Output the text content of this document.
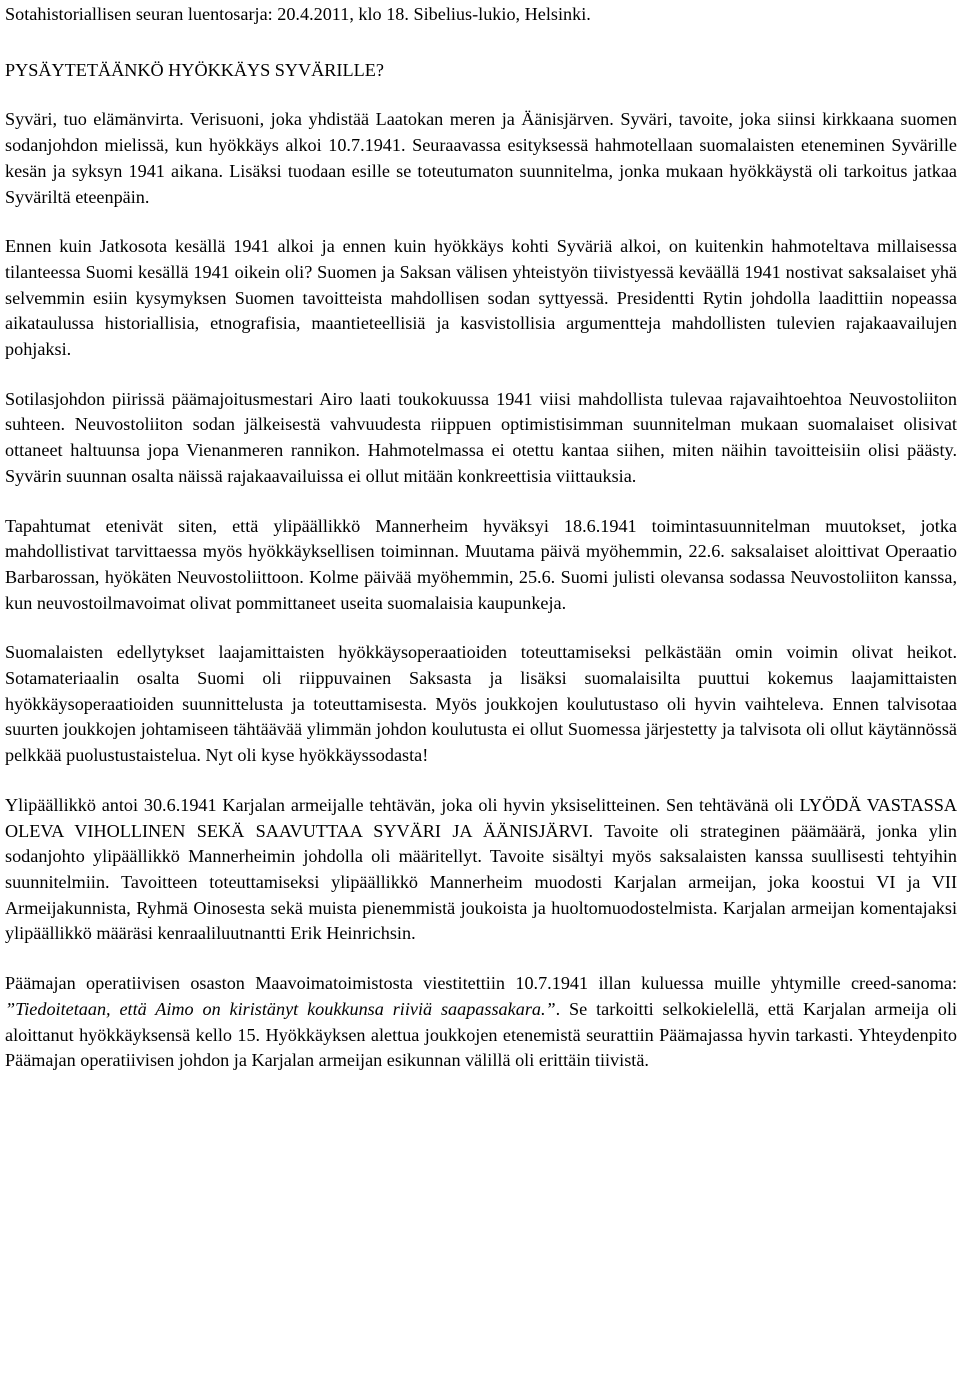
Sotahistoriallisen seuran luentosarja: 20.4.2011, klo 18. Sibelius-lukio, Helsinki.
PYSÄYTETÄÄNKÖ HYÖKKÄYS SYVÄRILLE?

Syväri, tuo elämänvirta. Verisuoni, joka yhdistää Laatokan meren ja Äänisjärven. Syväri, tavoite, joka siinsi kirkkaana suomen sodanjohdon mielissä, kun hyökkäys alkoi 10.7.1941. Seuraavassa esityksessä hahmotellaan suomalaisten eteneminen Syvärille kesän ja syksyn 1941 aikana. Lisäksi tuodaan esille se toteutumaton suunnitelma, jonka mukaan hyökkäystä oli tarkoitus jatkaa Syväriltä eteenpäin.

Ennen kuin Jatkosota kesällä 1941 alkoi ja ennen kuin hyökkäys kohti Syväriä alkoi, on kuitenkin hahmoteltava millaisessa tilanteessa Suomi kesällä 1941 oikein oli? Suomen ja Saksan välisen yhteistyön tiivistyessä keväällä 1941 nostivat saksalaiset yhä selvemmin esiin kysymyksen Suomen tavoitteista mahdollisen sodan syttyessä. Presidentti Rytin johdolla laadittiin nopeassa aikataulussa historiallisia, etnografisia, maantieteellisiä ja kasvistollisia argumentteja mahdollisten tulevien rajakaavailujen pohjaksi.

Sotilasjohdon piirissä päämajoitusmestari Airo laati toukokuussa 1941 viisi mahdollista tulevaa rajavaihtoehtoa Neuvostoliiton suhteen. Neuvostoliiton sodan jälkeisestä vahvuudesta riippuen optimistisimman suunnitelman mukaan suomalaiset olisivat ottaneet haltuunsa jopa Vienanmeren rannikon. Hahmotelmassa ei otettu kantaa siihen, miten näihin tavoitteisiin olisi päästy. Syvärin suunnan osalta näissä rajakaavailuissa ei ollut mitään konkreettisia viittauksia.

Tapahtumat etenivät siten, että ylipäällikkö Mannerheim hyväksyi 18.6.1941 toimintasuunnitelman muutokset, jotka mahdollistivat tarvittaessa myös hyökkäyksellisen toiminnan. Muutama päivä myöhemmin, 22.6. saksalaiset aloittivat Operaatio Barbarossan, hyökäten Neuvostoliittoon. Kolme päivää myöhemmin, 25.6. Suomi julisti olevansa sodassa Neuvostoliiton kanssa, kun neuvostoilmavoimat olivat pommittaneet useita suomalaisia kaupunkeja.

Suomalaisten edellytykset laajamittaisten hyökkäysoperaatioiden toteuttamiseksi pelkästään omin voimin olivat heikot. Sotamateriaalin osalta Suomi oli riippuvainen Saksasta ja lisäksi suomalaisilta puuttui kokemus laajamittaisten hyökkäysoperaatioiden suunnittelusta ja toteuttamisesta. Myös joukkojen koulutustaso oli hyvin vaihteleva. Ennen talvisotaa suurten joukkojen johtamiseen tähtäävää ylimmän johdon koulutusta ei ollut Suomessa järjestetty ja talvisota oli ollut käytännössä pelkkää puolustustaistelua. Nyt oli kyse hyökkäyssodasta!

Ylipäällikkö antoi 30.6.1941 Karjalan armeijalle tehtävän, joka oli hyvin yksiselitteinen. Sen tehtävänä oli LYÖDÄ VASTASSA OLEVA VIHOLLINEN SEKÄ SAAVUTTAA SYVÄRI JA ÄÄNISJÄRVI. Tavoite oli strateginen päämäärä, jonka ylin sodanjohto ylipäällikkö Mannerheimin johdolla oli määritellyt. Tavoite sisältyi myös saksalaisten kanssa suullisesti tehtyihin suunnitelmiin. Tavoitteen toteuttamiseksi ylipäällikkö Mannerheim muodosti Karjalan armeijan, joka koostui VI ja VII Armeijakunnista, Ryhmä Oinosesta sekä muista pienemmistä joukoista ja huoltomuodostelmista. Karjalan armeijan komentajaksi ylipäällikkö määräsi kenraaliluutnantti Erik Heinrichsin.

Päämajan operatiivisen osaston Maavoimatoimistosta viestitettiin 10.7.1941 illan kuluessa muille yhtymille creed-sanoma: ”Tiedoitetaan, että Aimo on kiristänyt koukkunsa riiviä saapassakara.”. Se tarkoitti selkokielellä, että Karjalan armeija oli aloittanut hyökkäyksensä kello 15. Hyökkäyksen alettua joukkojen etenemistä seurattiin Päämajassa hyvin tarkasti. Yhteydenpito Päämajan operatiivisen johdon ja Karjalan armeijan esikunnan välillä oli erittäin tiivistä.
